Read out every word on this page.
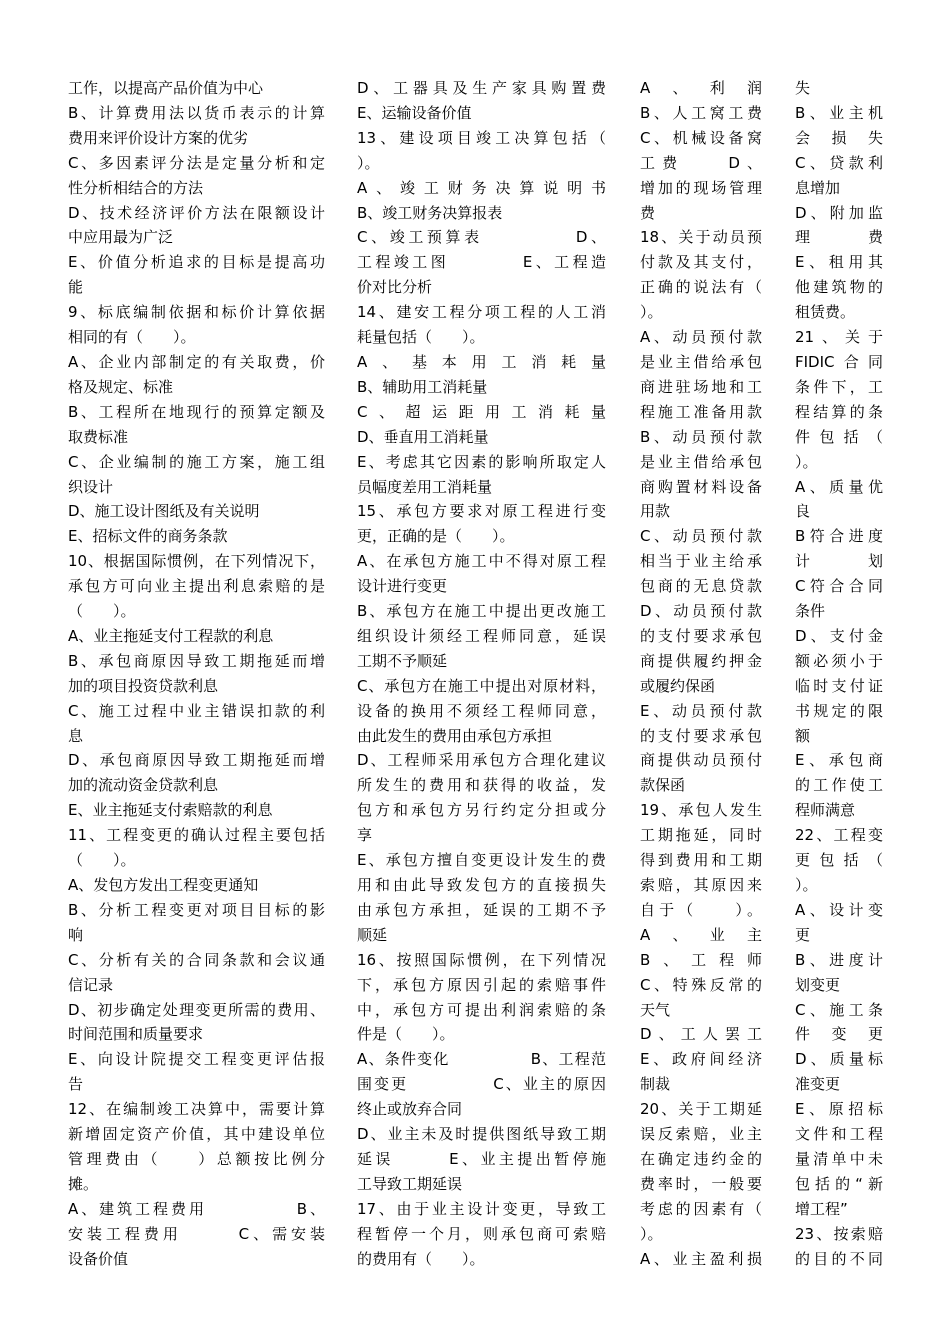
工作，以提高产品价值为中心
B、计算费用法以货币表示的计算
费用来评价设计方案的优劣
C、多因素评分法是定量分析和定
性分析相结合的方法
D、技术经济评价方法在限额设计
中应用最为广泛
E、价值分析追求的目标是提高功
能
9、标底编制依据和标价计算依据
相同的有（　　）。
A、企业内部制定的有关取费，价
格及规定、标准
B、工程所在地现行的预算定额及
取费标准
C、企业编制的施工方案，施工组
织设计
D、施工设计图纸及有关说明
E、招标文件的商务条款
10、根据国际惯例，在下列情况下，
承包方可向业主提出利息索赔的是
（　　）。
A、业主拖延支付工程款的利息
B、承包商原因导致工期拖延而增
加的项目投资贷款利息
C、施工过程中业主错误扣款的利
息
D、承包商原因导致工期拖延而增
加的流动资金贷款利息
E、业主拖延支付索赔款的利息
11、工程变更的确认过程主要包括
（　　）。
A、发包方发出工程变更通知
B、分析工程变更对项目目标的影
响
C、分析有关的合同条款和会议通
信记录
D、初步确定处理变更所需的费用、
时间范围和质量要求
E、向设计院提交工程变更评估报
告
12、在编制竣工决算中，需要计算
新增固定资产价值，其中建设单位
管理费由（　　）总额按比例分
摊。
A、建筑工程费用　　　　　B、
安装工程费用　　　C、需安装
设备价值
D、工器具及生产家具购置费
E、运输设备价值
13、建设项目竣工决算包括（
）。
A、竣工财务决算说明书
B、竣工财务决算报表
C、竣工预算表　　　　　D、
工程竣工图　　　　E、工程造
价对比分析
14、建安工程分项工程的人工消
耗量包括（　　）。
A、基本用工消耗量
B、辅助用工消耗量
C、超运距用工消耗量
D、垂直用工消耗量
E、考虑其它因素的影响所取定人
员幅度差用工消耗量
15、承包方要求对原工程进行变
更，正确的是（　　）。
A、在承包方施工中不得对原工程
设计进行变更
B、承包方在施工中提出更改施工
组织设计须经工程师同意，延误
工期不予顺延
C、承包方在施工中提出对原材料，
设备的换用不须经工程师同意，
由此发生的费用由承包方承担
D、工程师采用承包方合理化建议
所发生的费用和获得的收益，发
包方和承包方另行约定分担或分
享
E、承包方擅自变更设计发生的费
用和由此导致发包方的直接损失
由承包方承担，延误的工期不予
顺延
16、按照国际惯例，在下列情况
下，承包方原因引起的索赔事件
中，承包方可提出利润索赔的条
件是（　　）。
A、条件变化　　　　　B、工程范
围变更　　　　　C、业主的原因
终止或放弃合同
D、业主未及时提供图纸导致工期
延误　　　E、业主提出暂停施
工导致工期延误
17、由于业主设计变更，导致工
程暂停一个月，则承包商可索赔
的费用有（　　）。
A、利润
B、人工窝工费
C、机械设备窝
工费　　D、
增加的现场管理
费
18、关于动员预
付款及其支付，
正确的说法有（
）。
A、动员预付款
是业主借给承包
商进驻场地和工
程施工准备用款
B、动员预付款
是业主借给承包
商购置材料设备
用款
C、动员预付款
相当于业主给承
包商的无息贷款
D、动员预付款
的支付要求承包
商提供履约押金
或履约保函
E、动员预付款
的支付要求承包
商提供动员预付
款保函
19、承包人发生
工期拖延，同时
得到费用和工期
索赔，其原因来
自于（　　）。
A、业主
B、工程师
C、特殊反常的
天气
D、工人罢工
E、政府间经济
制裁
20、关于工期延
误反索赔，业主
在确定违约金的
费率时，一般要
考虑的因素有（
）。
A、业主盈利损
失
B、业主机
会损失
C、贷款利
息增加
D、附加监
理费
E、租用其
他建筑物的
租赁费。
21、关于
FIDIC合同
条件下，工
程结算的条
件包括（
）。
A、质量优
良
B符合进度
计划
C符合合同
条件
D、支付金
额必须小于
临时支付证
书规定的限
额
E、承包商
的工作使工
程师满意
22、工程变
更包括（
）。
A、设计变
更
B、进度计
划变更
C、施工条
件变更
D、质量标
准变更
E、原招标
文件和工程
量清单中未
包括的“新
增工程”
23、按索赔
的目的不同
